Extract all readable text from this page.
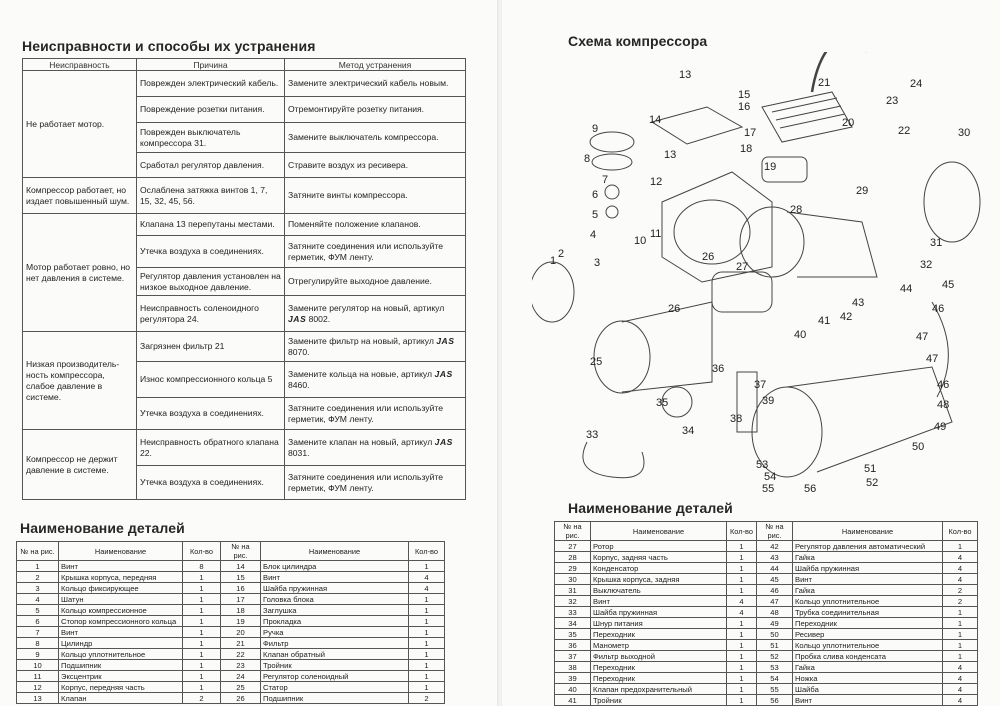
Неисправности и способы их устранения
Неисправность	Причина	Метод устранения
Не работает мотор.	Поврежден электрический кабель.	Замените электрический кабель новым.
	Повреждение розетки питания.	Отремонтируйте розетку питания.
	Поврежден выключатель компрессора 31.	Замените выключатель компрессора.
	Сработал регулятор давления.	Стравите воздух из ресивера.
Компрессор работает, но издает повышенный шум.	Ослаблена затяжка винтов 1, 7, 15, 32, 45, 56.	Затяните винты компрессора.
Мотор работает ровно, но нет давления в системе.	Клапана 13 перепутаны местами.	Поменяйте положение клапанов.
	Утечка воздуха в соединениях.	Затяните соединения или используйте герметик, ФУМ ленту.
	Регулятор давления установлен на низкое выходное давление.	Отрегулируйте выходное давление.
	Неисправность соленоидного регулятора 24.	Замените регулятор на новый, артикул JAS 8002.
Низкая производитель-ность компрессора, слабое давление в системе.	Загрязнен фильтр 21	Замените фильтр на новый, артикул JAS 8070.
	Износ компрессионного кольца 5	Замените кольца на новые, артикул JAS 8460.
	Утечка воздуха в соединениях.	Затяните соединения или используйте герметик, ФУМ ленту.
Компрессор не держит давление в системе.	Неисправность обратного клапана 22.	Замените клапан на новый, артикул JAS 8031.
	Утечка воздуха в соединениях.	Затяните соединения или используйте герметик, ФУМ ленту.
Наименование деталей
№ на рис.	Наименование	Кол-во	№ на рис.	Наименование	Кол-во
1	Винт	8	14	Блок цилиндра	1
2	Крышка корпуса, передняя	1	15	Винт	4
3	Кольцо фиксирующее	1	16	Шайба пружинная	4
4	Шатун	1	17	Головка блока	1
5	Кольцо компрессионное	1	18	Заглушка	1
6	Стопор компрессионного кольца	1	19	Прокладка	1
7	Винт	1	20	Ручка	1
8	Цилиндр	1	21	Фильтр	1
9	Кольцо уплотнительное	1	22	Клапан обратный	1
10	Подшипник	1	23	Тройник	1
11	Эксцентрик	1	24	Регулятор соленоидный	1
12	Корпус, передняя часть	1	25	Статор	1
13	Клапан	2	26	Подшипник	2
Схема компрессора
1
2
3
4
5
6
7
8
9
10
11
12
13
13
14
15
16
17
18
19
20
21
22
23
24
25
26
26
27
28
29
30
31
32
33	34
35
36
37
38
39
40
41 42
43
44	45
46
46
47
47
48
49
50
51
52
53
54
55	56
Наименование деталей
№ на рис.	Наименование	Кол-во	№ на рис.	Наименование	Кол-во
27	Ротор	1	42	Регулятор давления автоматический	1
28	Корпус, задняя часть	1	43	Гайка	4
29	Конденсатор	1	44	Шайба пружинная	4
30	Крышка корпуса, задняя	1	45	Винт	4
31	Выключатель	1	46	Гайка	2
32	Винт	4	47	Кольцо уплотнительное	2
33	Шайба пружинная	4	48	Трубка соединительная	1
34	Шнур питания	1	49	Переходник	1
35	Переходник	1	50	Ресивер	1
36	Манометр	1	51	Кольцо уплотнительное	1
37	Фильтр выходной	1	52	Пробка слива конденсата	1
38	Переходник	1	53	Гайка	4
39	Переходник	1	54	Ножка	4
40	Клапан предохранительный	1	55	Шайба	4
41	Тройник	1	56	Винт	4
